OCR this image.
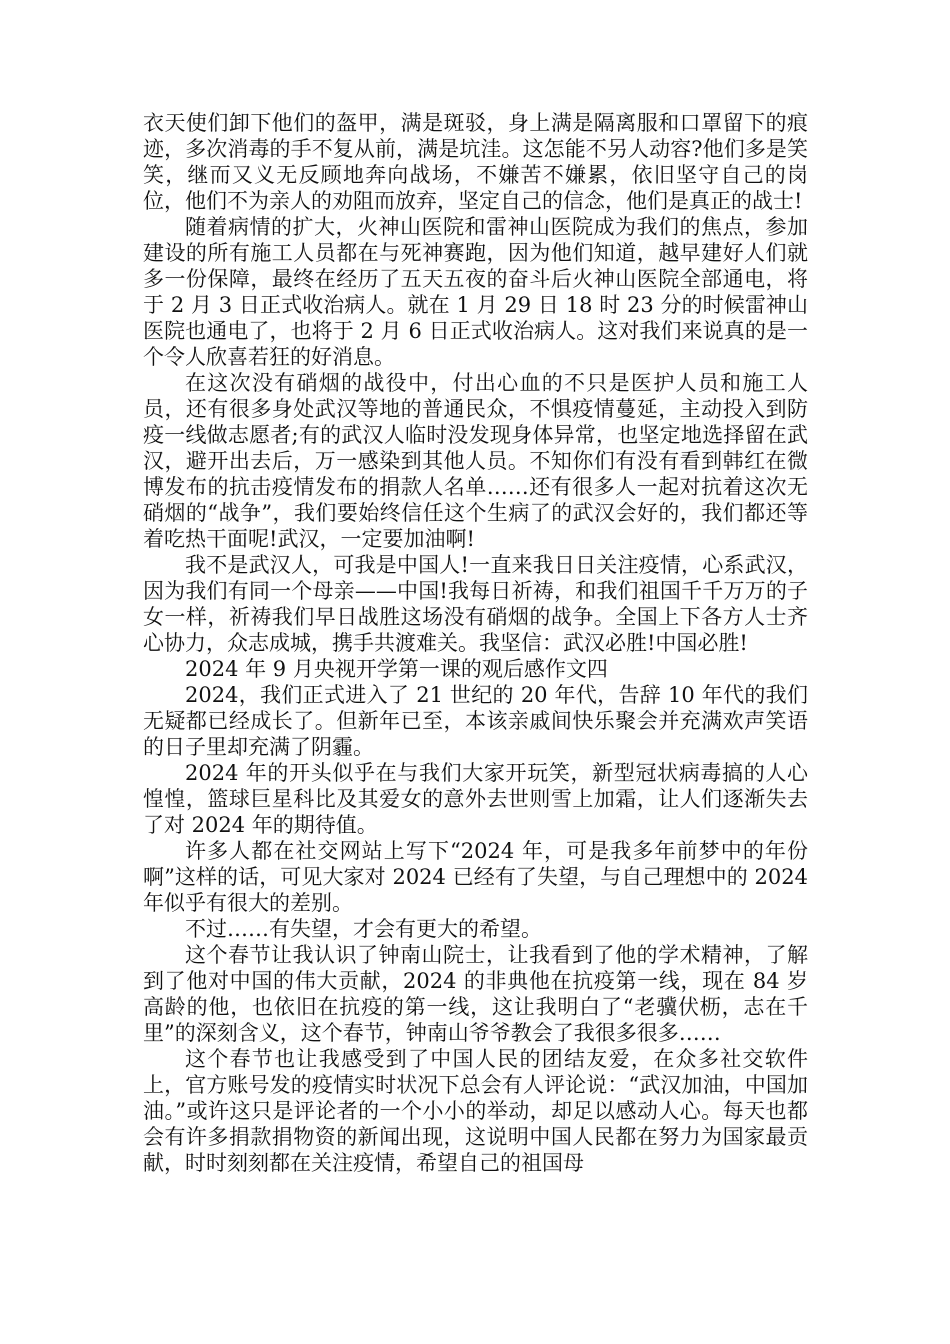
衣天使们卸下他们的盔甲，满是斑驳，身上满是隔离服和口罩留下的痕迹，多次消毒的手不复从前，满是坑洼。这怎能不另人动容?他们多是笑笑，继而又义无反顾地奔向战场，不嫌苦不嫌累，依旧坚守自己的岗位，他们不为亲人的劝阻而放弃，坚定自己的信念，他们是真正的战士!

随着病情的扩大，火神山医院和雷神山医院成为我们的焦点，参加建设的所有施工人员都在与死神赛跑，因为他们知道，越早建好人们就多一份保障，最终在经历了五天五夜的奋斗后火神山医院全部通电，将于 2 月 3 日正式收治病人。就在 1 月 29 日 18 时 23 分的时候雷神山医院也通电了，也将于 2 月 6 日正式收治病人。这对我们来说真的是一个令人欣喜若狂的好消息。

在这次没有硝烟的战役中，付出心血的不只是医护人员和施工人员，还有很多身处武汉等地的普通民众，不惧疫情蔓延，主动投入到防疫一线做志愿者;有的武汉人临时没发现身体异常，也坚定地选择留在武汉，避开出去后，万一感染到其他人员。不知你们有没有看到韩红在微博发布的抗击疫情发布的捐款人名单……还有很多人一起对抗着这次无硝烟的“战争”，我们要始终信任这个生病了的武汉会好的，我们都还等着吃热干面呢!武汉，一定要加油啊!

我不是武汉人，可我是中国人!一直来我日日关注疫情，心系武汉，因为我们有同一个母亲——中国!我每日祈祷，和我们祖国千千万万的子女一样，祈祷我们早日战胜这场没有硝烟的战争。全国上下各方人士齐心协力，众志成城，携手共渡难关。我坚信：武汉必胜!中国必胜!

2024 年 9 月央视开学第一课的观后感作文四

2024，我们正式进入了 21 世纪的 20 年代，告辞 10 年代的我们无疑都已经成长了。但新年已至，本该亲戚间快乐聚会并充满欢声笑语的日子里却充满了阴霾。

2024 年的开头似乎在与我们大家开玩笑，新型冠状病毒搞的人心惶惶，篮球巨星科比及其爱女的意外去世则雪上加霜，让人们逐渐失去了对 2024 年的期待值。

许多人都在社交网站上写下“2024 年，可是我多年前梦中的年份啊”这样的话，可见大家对 2024 已经有了失望，与自己理想中的 2024 年似乎有很大的差别。

不过……有失望，才会有更大的希望。

这个春节让我认识了钟南山院士，让我看到了他的学术精神，了解到了他对中国的伟大贡献，2024 的非典他在抗疫第一线，现在 84 岁高龄的他，也依旧在抗疫的第一线，这让我明白了“老骥伏枥，志在千里”的深刻含义，这个春节，钟南山爷爷教会了我很多很多……

这个春节也让我感受到了中国人民的团结友爱，在众多社交软件上，官方账号发的疫情实时状况下总会有人评论说：“武汉加油，中国加油。”或许这只是评论者的一个小小的举动，却足以感动人心。每天也都会有许多捐款捐物资的新闻出现，这说明中国人民都在努力为国家最贡献，时时刻刻都在关注疫情，希望自己的祖国母
